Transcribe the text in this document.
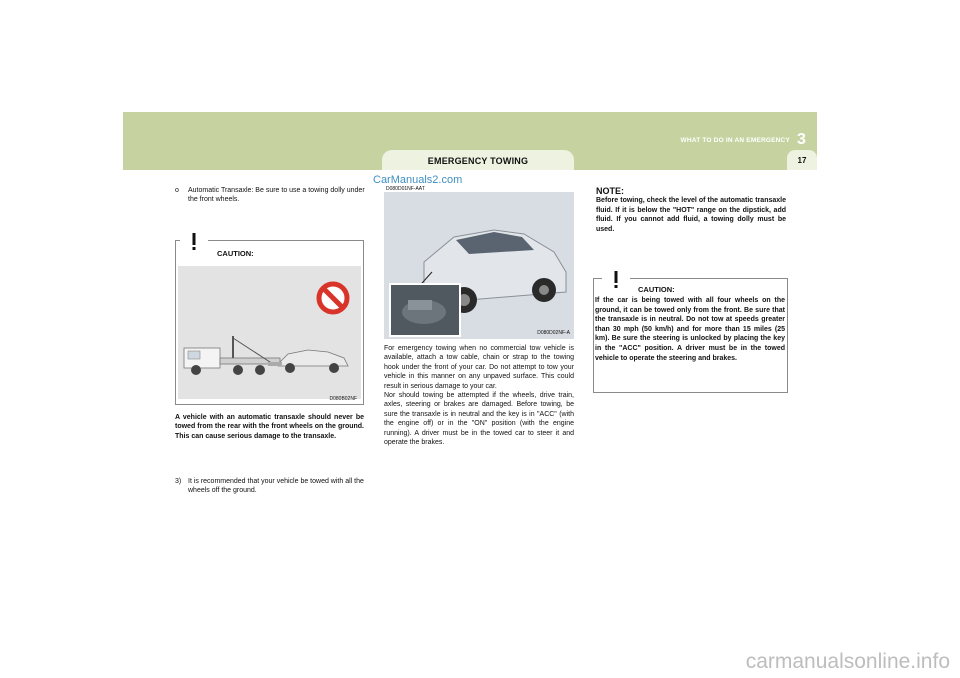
WHAT TO DO IN AN EMERGENCY 3
EMERGENCY TOWING	17
o	Automatic Transaxle: Be sure to use a towing dolly under the front wheels.
CAUTION:
D080B02NF
A vehicle with an automatic transaxle should never be towed from the rear with the front wheels on the ground. This can cause serious damage to the transaxle.
3) It is recommended that your vehicle be towed with all the wheels off the ground.
CarManuals2.com
D080D01NF-AAT
D080D02NF-A

For emergency towing when no commercial tow vehicle is available, attach a tow cable, chain or strap to the towing hook under the front of your car. Do not attempt to tow your vehicle in this manner on any unpaved surface. This could result in serious damage to your car.

Nor should towing be attempted if the wheels, drive train, axles, steering or brakes are damaged. Before towing, be sure the transaxle is in neutral and the key is in "ACC" (with the engine off) or in the "ON" position (with the engine running). A driver must be in the towed car to steer it and operate the brakes.

NOTE:
Before towing, check the level of the automatic transaxle fluid. If it is below the "HOT" range on the dipstick, add fluid. If you cannot add fluid, a towing dolly must be used.
CAUTION:
If the car is being towed with all four wheels on the ground, it can be towed only from the front. Be sure that the transaxle is in neutral. Do not tow at speeds greater than 30 mph (50 km/h) and for more than 15 miles (25 km). Be sure the steering is unlocked by placing the key in the "ACC" position. A driver must be in the towed vehicle to operate the steering and brakes.
carmanualsonline.info
